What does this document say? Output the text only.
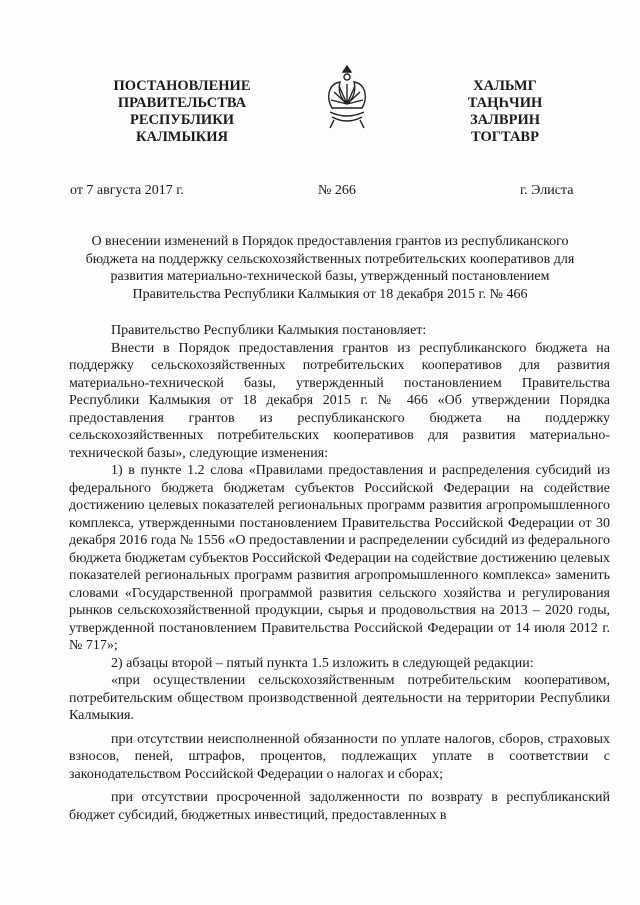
ПОСТАНОВЛЕНИЕ
ПРАВИТЕЛЬСТВА
РЕСПУБЛИКИ
КАЛМЫКИЯ
ХАЛЬМГ
ТАҢҺЧИН
ЗАЛВРИН
ТОГТАВР
от 7 августа 2017 г.	№ 266	г. Элиста
О внесении изменений в Порядок предоставления грантов из республиканского
бюджета на поддержку сельскохозяйственных потребительских кооперативов для
развития материально-технической базы, утвержденный постановлением
Правительства Республики Калмыкия от 18 декабря 2015 г. № 466

Правительство Республики Калмыкия постановляет:

Внести в Порядок предоставления грантов из республиканского бюджета на поддержку сельскохозяйственных потребительских кооперативов для развития материально-технической базы, утвержденный постановлением Правительства Республики Калмыкия от 18 декабря 2015 г. № 466 «Об утверждении Порядка предоставления грантов из республиканского бюджета на поддержку сельскохозяйственных потребительских кооперативов для развития материально-технической базы», следующие изменения:

1) в пункте 1.2 слова «Правилами предоставления и распределения субсидий из федерального бюджета бюджетам субъектов Российской Федерации на содействие достижению целевых показателей региональных программ развития агропромышленного комплекса, утвержденными постановлением Правительства Российской Федерации от 30 декабря 2016 года № 1556 «О предоставлении и распределении субсидий из федерального бюджета бюджетам субъектов Российской Федерации на содействие достижению целевых показателей региональных программ развития агропромышленного комплекса» заменить словами «Государственной программой развития сельского хозяйства и регулирования рынков сельскохозяйственной продукции, сырья и продовольствия на 2013 – 2020 годы, утвержденной постановлением Правительства Российской Федерации от 14 июля 2012 г. № 717»;

2) абзацы второй – пятый пункта 1.5 изложить в следующей редакции:

«при осуществлении сельскохозяйственным потребительским кооперативом, потребительским обществом производственной деятельности на территории Республики Калмыкия.

при отсутствии неисполненной обязанности по уплате налогов, сборов, страховых взносов, пеней, штрафов, процентов, подлежащих уплате в соответствии с законодательством Российской Федерации о налогах и сборах;

при отсутствии просроченной задолженности по возврату в республиканский бюджет субсидий, бюджетных инвестиций, предоставленных в
